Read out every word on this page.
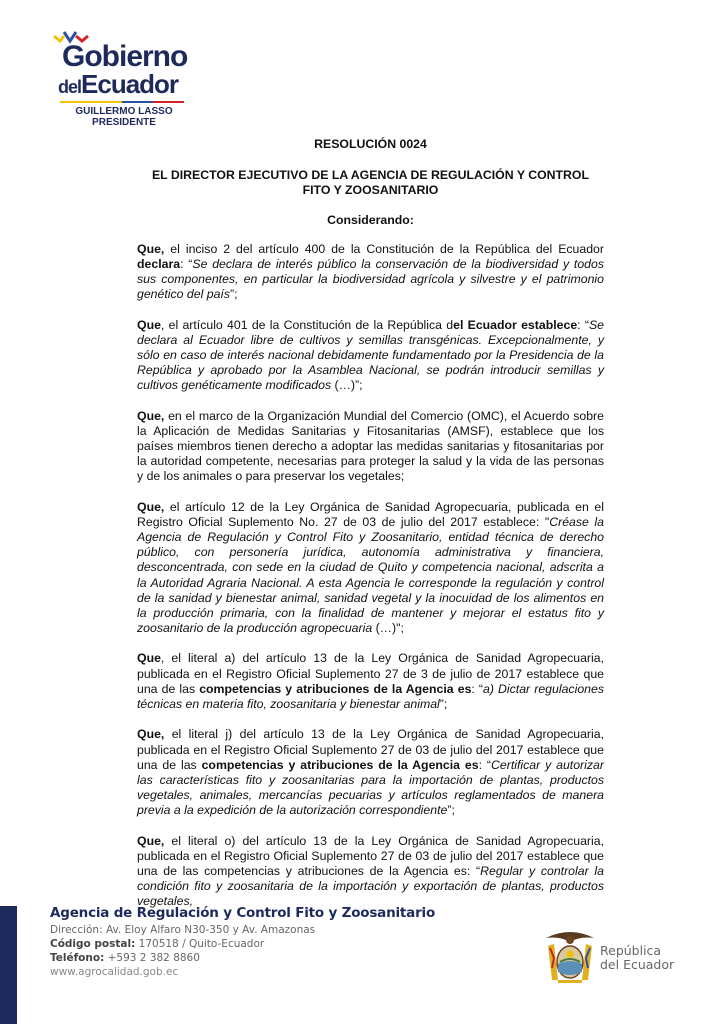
Gobierno
delEcuador
GUILLERMO LASSO
PRESIDENTE
RESOLUCIÓN 0024
EL DIRECTOR EJECUTIVO DE LA AGENCIA DE REGULACIÓN Y CONTROL
FITO Y ZOOSANITARIO
Considerando:

Que, el inciso 2 del artículo 400 de la Constitución de la República del Ecuador declara: “Se declara de interés público la conservación de la biodiversidad y todos sus componentes, en particular la biodiversidad agrícola y silvestre y el patrimonio genético del país”;

Que, el artículo 401 de la Constitución de la República del Ecuador establece: “Se declara al Ecuador libre de cultivos y semillas transgénicas. Excepcionalmente, y sólo en caso de interés nacional debidamente fundamentado por la Presidencia de la República y aprobado por la Asamblea Nacional, se podrán introducir semillas y cultivos genéticamente modificados (…)”;

Que, en el marco de la Organización Mundial del Comercio (OMC), el Acuerdo sobre la Aplicación de Medidas Sanitarias y Fitosanitarias (AMSF), establece que los países miembros tienen derecho a adoptar las medidas sanitarias y fitosanitarias por la autoridad competente, necesarias para proteger la salud y la vida de las personas y de los animales o para preservar los vegetales;

Que, el artículo 12 de la Ley Orgánica de Sanidad Agropecuaria, publicada en el Registro Oficial Suplemento No. 27 de 03 de julio del 2017 establece: "Créase la Agencia de Regulación y Control Fito y Zoosanitario, entidad técnica de derecho público, con personería jurídica, autonomía administrativa y financiera, desconcentrada, con sede en la ciudad de Quito y competencia nacional, adscrita a la Autoridad Agraria Nacional. A esta Agencia le corresponde la regulación y control de la sanidad y bienestar animal, sanidad vegetal y la inocuidad de los alimentos en la producción primaria, con la finalidad de mantener y mejorar el estatus fito y zoosanitario de la producción agropecuaria (…)";

Que, el literal a) del artículo 13 de la Ley Orgánica de Sanidad Agropecuaria, publicada en el Registro Oficial Suplemento 27 de 3 de julio de 2017 establece que una de las competencias y atribuciones de la Agencia es: “a) Dictar regulaciones técnicas en materia fito, zoosanitaria y bienestar animal”;

Que, el literal j) del artículo 13 de la Ley Orgánica de Sanidad Agropecuaria, publicada en el Registro Oficial Suplemento 27 de 03 de julio del 2017 establece que una de las competencias y atribuciones de la Agencia es: “Certificar y autorizar las características fito y zoosanitarias para la importación de plantas, productos vegetales, animales, mercancías pecuarias y artículos reglamentados de manera previa a la expedición de la autorización correspondiente”;

Que, el literal o) del artículo 13 de la Ley Orgánica de Sanidad Agropecuaria, publicada en el Registro Oficial Suplemento 27 de 03 de julio del 2017 establece que una de las competencias y atribuciones de la Agencia es: “Regular y controlar la condición fito y zoosanitaria de la importación y exportación de plantas, productos vegetales,

Agencia de Regulación y Control Fito y Zoosanitario
Dirección: Av. Eloy Alfaro N30-350 y Av. Amazonas
Código postal: 170518 / Quito-Ecuador
Teléfono: +593 2 382 8860
www.agrocalidad.gob.ec
República
del Ecuador
